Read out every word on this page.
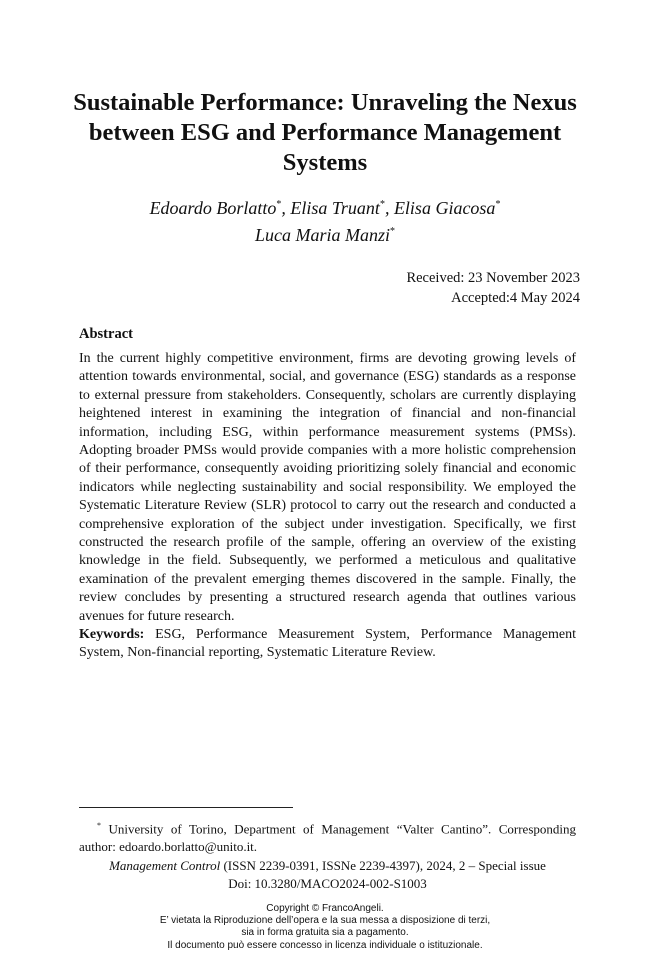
Sustainable Performance: Unraveling the Nexus between ESG and Performance Management Systems
Edoardo Borlatto*, Elisa Truant*, Elisa Giacosa*
Luca Maria Manzi*
Received: 23 November 2023
Accepted:4 May 2024
Abstract

In the current highly competitive environment, firms are devoting growing levels of attention towards environmental, social, and governance (ESG) standards as a response to external pressure from stakeholders. Consequently, scholars are currently displaying heightened interest in examining the integration of financial and non-financial information, including ESG, within performance measurement systems (PMSs). Adopting broader PMSs would provide companies with a more holistic comprehension of their performance, consequently avoiding prioritizing solely financial and economic indicators while neglecting sustainability and social responsibility. We employed the Systematic Literature Review (SLR) protocol to carry out the research and conducted a comprehensive exploration of the subject under investigation. Specifically, we first constructed the research profile of the sample, offering an overview of the existing knowledge in the field. Subsequently, we performed a meticulous and qualitative examination of the prevalent emerging themes discovered in the sample. Finally, the review concludes by presenting a structured research agenda that outlines various avenues for future research.

Keywords: ESG, Performance Measurement System, Performance Management System, Non-financial reporting, Systematic Literature Review.

* University of Torino, Department of Management “Valter Cantino”. Corresponding author: edoardo.borlatto@unito.it.

Management Control (ISSN 2239-0391, ISSNe 2239-4397), 2024, 2 – Special issue
Doi: 10.3280/MACO2024-002-S1003
Copyright © FrancoAngeli.
E’ vietata la Riproduzione dell’opera e la sua messa a disposizione di terzi,
sia in forma gratuita sia a pagamento.
Il documento può essere concesso in licenza individuale o istituzionale.
